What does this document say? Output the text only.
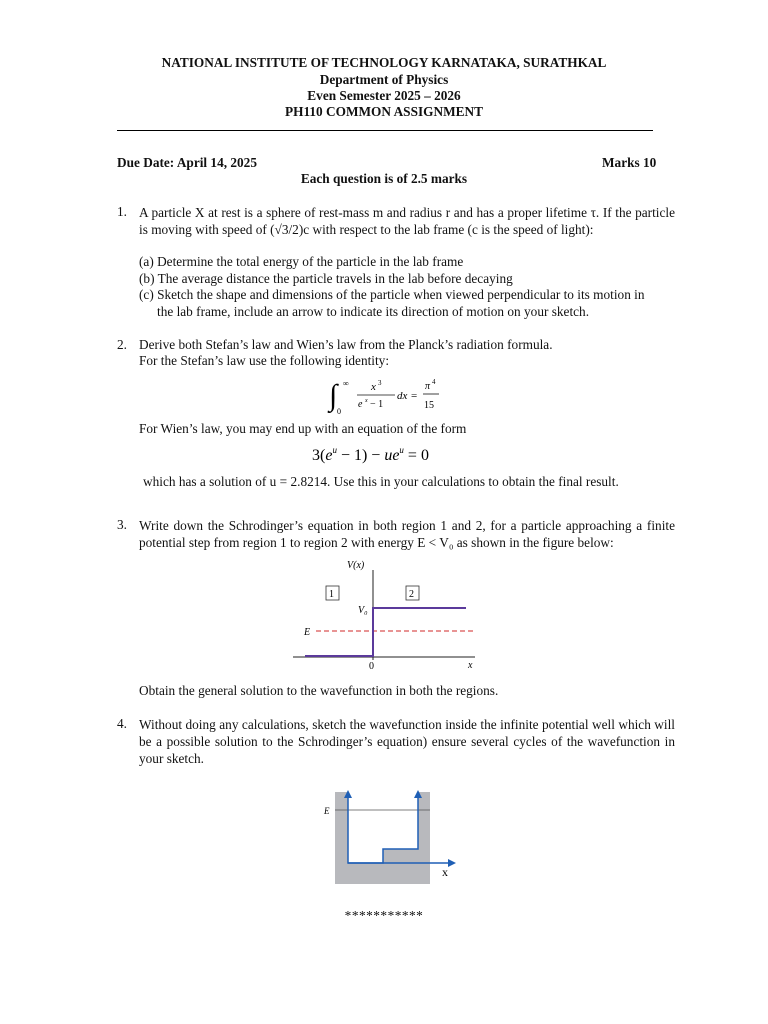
NATIONAL INSTITUTE OF TECHNOLOGY KARNATAKA, SURATHKAL
Department of Physics
Even Semester 2025 – 2026
PH110 COMMON ASSIGNMENT
Due Date: April 14, 2025	Marks 10
Each question is of 2.5 marks
1. A particle X at rest is a sphere of rest-mass m and radius r and has a proper lifetime τ. If the particle is moving with speed of (√3/2)c with respect to the lab frame (c is the speed of light):
(a) Determine the total energy of the particle in the lab frame
(b) The average distance the particle travels in the lab before decaying
(c) Sketch the shape and dimensions of the particle when viewed perpendicular to its motion in
the lab frame, include an arrow to indicate its direction of motion on your sketch.
2. Derive both Stefan’s law and Wien’s law from the Planck’s radiation formula.
For the Stefan’s law use the following identity:
∫ ∞
0
x 3
e x − 1
dx =
π 4
15
For Wien’s law, you may end up with an equation of the form
$3(e^u - 1) - ue^u = 0$
which has a solution of u = 2.8214. Use this in your calculations to obtain the final result.
3. Write down the Schrodinger’s equation in both region 1 and 2, for a particle approaching a finite potential step from region 1 to region 2 with energy E < V₀ as shown in the figure below:
V(x)
1	2
V₀
E
0	x
Obtain the general solution to the wavefunction in both the regions.
4. Without doing any calculations, sketch the wavefunction inside the infinite potential well which will be a possible solution to the Schrodinger’s equation) ensure several cycles of the wavefunction in your sketch.
E
x
***********
